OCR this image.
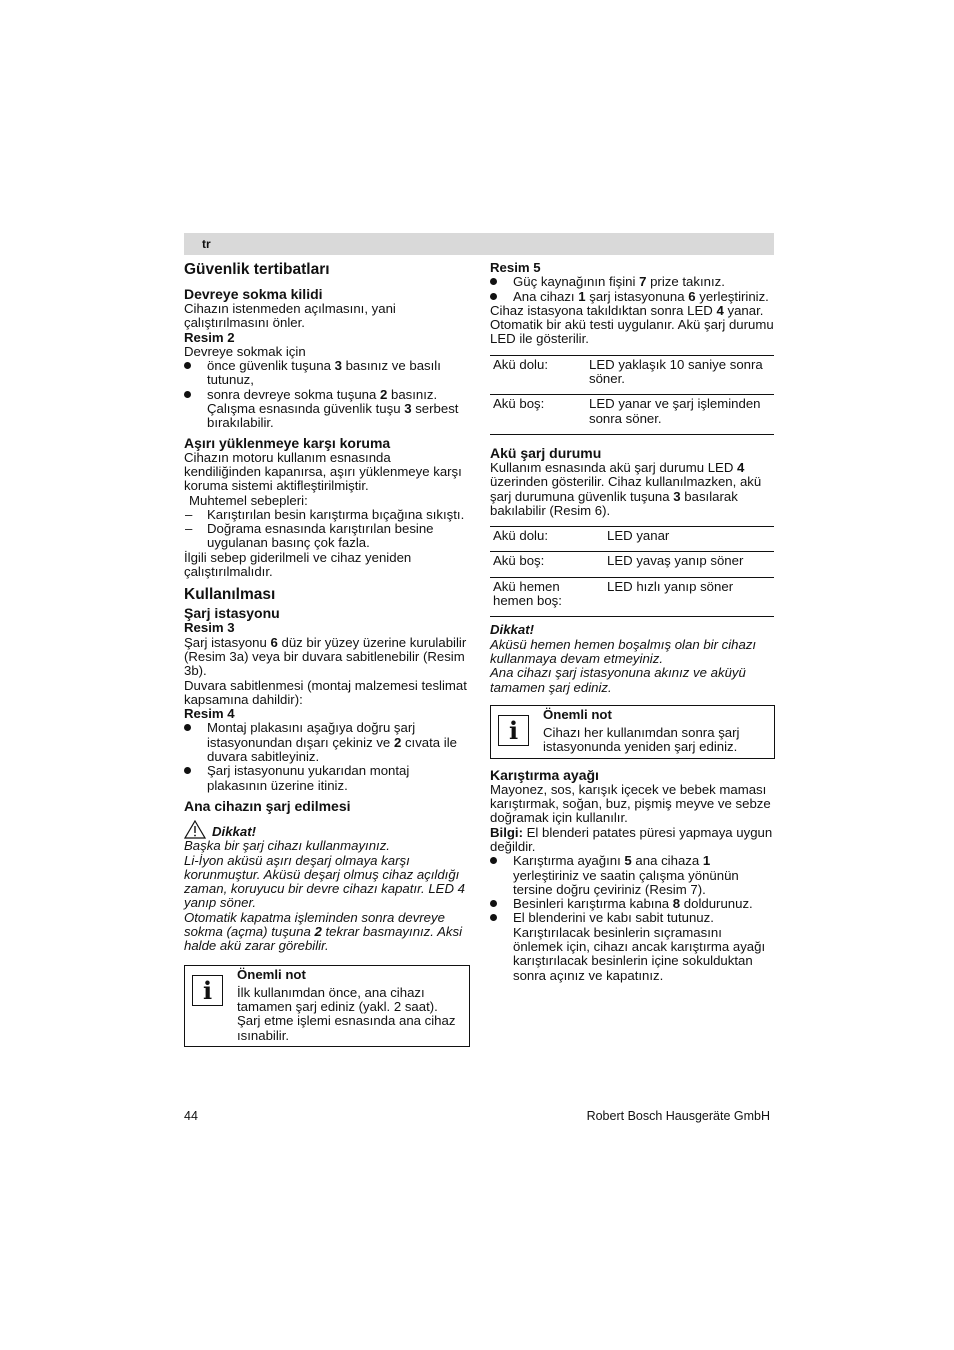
tr

Güvenlik tertibatları

Devreye sokma kilidi

Cihazın istenmeden açılmasını, yani çalıştırılmasını önler.

Resim 2

Devreye sokmak için

önce güvenlik tuşuna 3 basınız ve basılı tutunuz,
sonra devreye sokma tuşuna 2 basınız. Çalışma esnasında güvenlik tuşu 3 serbest bırakılabilir.

Aşırı yüklenmeye karşı koruma

Cihazın motoru kullanım esnasında kendiliğinden kapanırsa, aşırı yüklenmeye karşı koruma sistemi aktifleştirilmiştir.

Muhtemel sebepleri:

– Karıştırılan besin karıştırma bıçağına sıkıştı.
– Doğrama esnasında karıştırılan besine uygulanan basınç çok fazla.

İlgili sebep giderilmeli ve cihaz yeniden çalıştırılmalıdır.

Kullanılması

Şarj istasyonu

Resim 3

Şarj istasyonu 6 düz bir yüzey üzerine kurulabilir (Resim 3a) veya bir duvara sabitlenebilir (Resim 3b).

Duvara sabitlenmesi (montaj malzemesi teslimat kapsamına dahildir):

Resim 4

Montaj plakasını aşağıya doğru şarj istasyonundan dışarı çekiniz ve 2 cıvata ile duvara sabitleyiniz.
Şarj istasyonunu yukarıdan montaj plakasının üzerine itiniz.

Ana cihazın şarj edilmesi

Dikkat!

Başka bir şarj cihazı kullanmayınız.

Li-İyon aküsü aşırı deşarj olmaya karşı korunmuştur. Aküsü deşarj olmuş cihaz açıldığı zaman, koruyucu bir devre cihazı kapatır. LED 4 yanıp söner.

Otomatik kapatma işleminden sonra devreye sokma (açma) tuşuna 2 tekrar basmayınız. Aksi halde akü zarar görebilir.

i

Önemli not

İlk kullanımdan önce, ana cihazı tamamen şarj ediniz (yakl. 2 saat). Şarj etme işlemi esnasında ana cihaz ısınabilir.

Resim 5

Güç kaynağının fişini 7 prize takınız.
Ana cihazı 1 şarj istasyonuna 6 yerleştiriniz.

Cihaz istasyona takıldıktan sonra LED 4 yanar. Otomatik bir akü testi uygulanır. Akü şarj durumu LED ile gösterilir.

Akü dolu:	LED yaklaşık 10 saniye sonra söner.
Akü boş:	LED yanar ve şarj işleminden sonra söner.

Akü şarj durumu

Kullanım esnasında akü şarj durumu LED 4 üzerinden gösterilir. Cihaz kullanılmazken, akü şarj durumuna güvenlik tuşuna 3 basılarak bakılabilir (Resim 6).

Akü dolu:	LED yanar
Akü boş:	LED yavaş yanıp söner
Akü hemen hemen boş:	LED hızlı yanıp söner

Dikkat!

Aküsü hemen hemen boşalmış olan bir cihazı kullanmaya devam etmeyiniz.

Ana cihazı şarj istasyonuna akınız ve aküyü tamamen şarj ediniz.

i

Önemli not

Cihazı her kullanımdan sonra şarj istasyonunda yeniden şarj ediniz.

Karıştırma ayağı

Mayonez, sos, karışık içecek ve bebek maması karıştırmak, soğan, buz, pişmiş meyve ve sebze doğramak için kullanılır.

Bilgi: El blenderi patates püresi yapmaya uygun değildir.

Karıştırma ayağını 5 ana cihaza 1 yerleştiriniz ve saatin çalışma yönünün tersine doğru çeviriniz (Resim 7).
Besinleri karıştırma kabına 8 doldurunuz.
El blenderini ve kabı sabit tutunuz. Karıştırılacak besinlerin sıçramasını önlemek için, cihazı ancak karıştırma ayağı karıştırılacak besinlerin içine sokulduktan sonra açınız ve kapatınız.
44	Robert Bosch Hausgeräte GmbH
